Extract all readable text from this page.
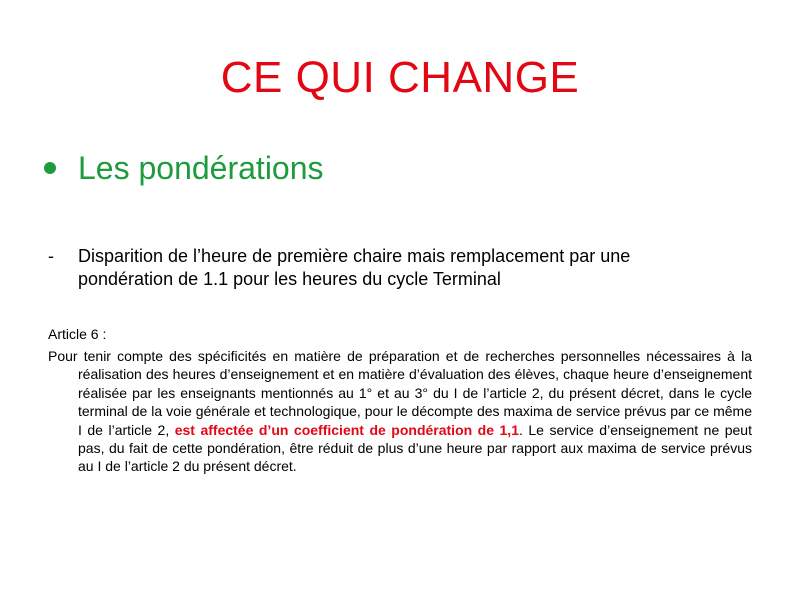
CE QUI CHANGE
Les pondérations
-	Disparition de l’heure de première chaire mais remplacement par une pondération de 1.1 pour les heures du cycle Terminal
Article 6 :
Pour tenir compte des spécificités en matière de préparation et de recherches personnelles nécessaires à la réalisation des heures d’enseignement et en matière d’évaluation des élèves, chaque heure d’enseignement réalisée par les enseignants mentionnés au 1° et au 3° du I de l’article 2, du présent décret, dans le cycle terminal de la voie générale et technologique, pour le décompte des maxima de service prévus par ce même I de l’article 2, est affectée d’un coefficient de pondération de 1,1. Le service d’enseignement ne peut pas, du fait de cette pondération, être réduit de plus d’une heure par rapport aux maxima de service prévus au I de l’article 2 du présent décret.
